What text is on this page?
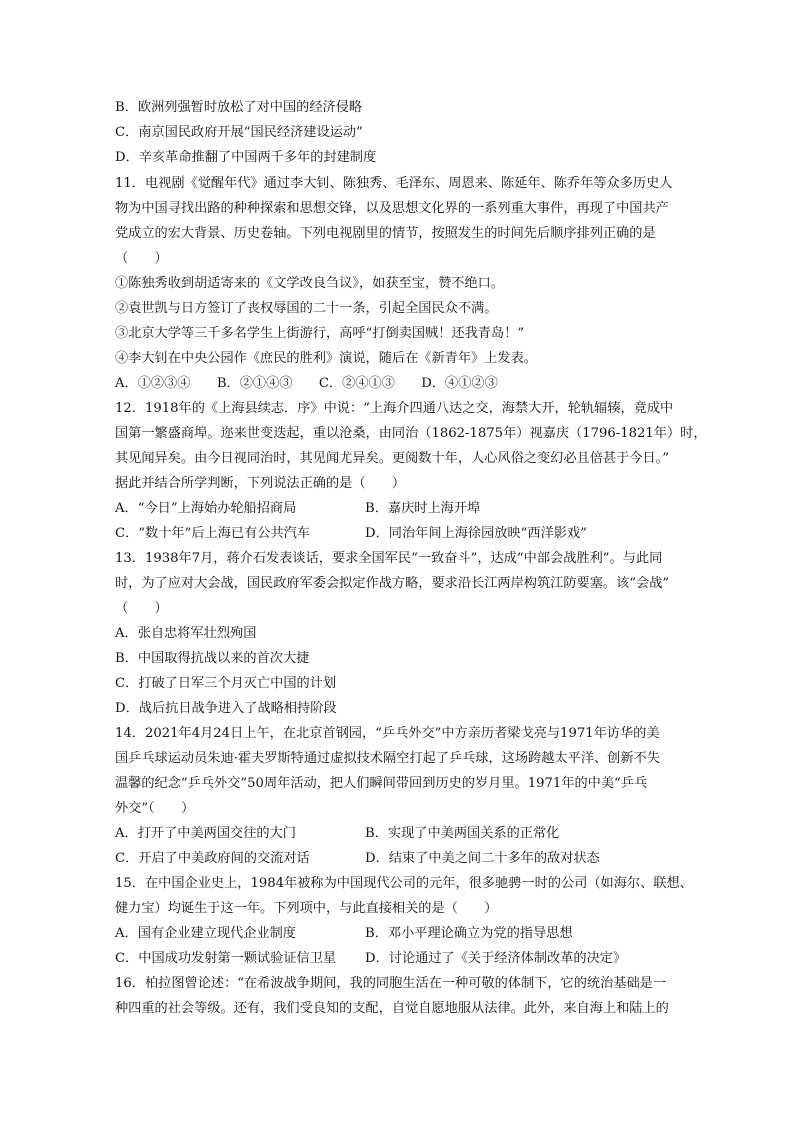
B．欧洲列强暂时放松了对中国的经济侵略
C．南京国民政府开展“国民经济建设运动”
D．辛亥革命推翻了中国两千多年的封建制度
11．电视剧《觉醒年代》通过李大钊、陈独秀、毛泽东、周恩来、陈延年、陈乔年等众多历史人
物为中国寻找出路的种种探索和思想交锋，以及思想文化界的一系列重大事件，再现了中国共产
党成立的宏大背景、历史卷轴。下列电视剧里的情节，按照发生的时间先后顺序排列正确的是
（　　）
①陈独秀收到胡适寄来的《文学改良刍议》，如获至宝，赞不绝口。
②袁世凯与日方签订了丧权辱国的二十一条，引起全国民众不满。
③北京大学等三千多名学生上街游行，高呼“打倒卖国贼！还我青岛！”
④李大钊在中央公园作《庶民的胜利》演说，随后在《新青年》上发表。
A．①②③④　　B．②①④③　　C．②④①③　　D．④①②③
12．1918年的《上海县续志．序》中说：“上海介四通八达之交，海禁大开，轮轨辐辏，竟成中
国第一繁盛商埠。迩来世变迭起，重以沧桑，由同治（1862-1875年）视嘉庆（1796-1821年）时，
其见闻异矣。由今日视同治时，其见闻尤异矣。更阅数十年，人心风俗之变幻必且倍甚于今日。”
据此并结合所学判断，下列说法正确的是（　　）
A．“今日”上海始办轮船招商局	B．嘉庆时上海开埠
C．“数十年”后上海已有公共汽车	D．同治年间上海徐园放映“西洋影戏”
13．1938年7月，蒋介石发表谈话，要求全国军民“一致奋斗”，达成“中部会战胜利”。与此同
时，为了应对大会战，国民政府军委会拟定作战方略，要求沿长江两岸构筑江防要塞。该“会战”
（　　）
A．张自忠将军壮烈殉国
B．中国取得抗战以来的首次大捷
C．打破了日军三个月灭亡中国的计划
D．战后抗日战争进入了战略相持阶段
14．2021年4月24日上午，在北京首钢园，“乒乓外交”中方亲历者梁戈亮与1971年访华的美
国乒乓球运动员朱迪·霍夫罗斯特通过虚拟技术隔空打起了乒乓球，这场跨越太平洋、创新不失
温馨的纪念“乒乓外交”50周年活动，把人们瞬间带回到历史的岁月里。1971年的中美“乒乓
外交”（　　）
A．打开了中美两国交往的大门	B．实现了中美两国关系的正常化
C．开启了中美政府间的交流对话	D．结束了中美之间二十多年的敌对状态
15．在中国企业史上，1984年被称为中国现代公司的元年，很多驰骋一时的公司（如海尔、联想、
健力宝）均诞生于这一年。下列项中，与此直接相关的是（　　）
A．国有企业建立现代企业制度	B．邓小平理论确立为党的指导思想
C．中国成功发射第一颗试验证信卫星 D．讨论通过了《关于经济体制改革的决定》
16．柏拉图曾论述：“在希波战争期间，我的同胞生活在一种可敬的体制下，它的统治基础是一
种四重的社会等级。还有，我们受良知的支配，自觉自愿地服从法律。此外，来自海上和陆上的
